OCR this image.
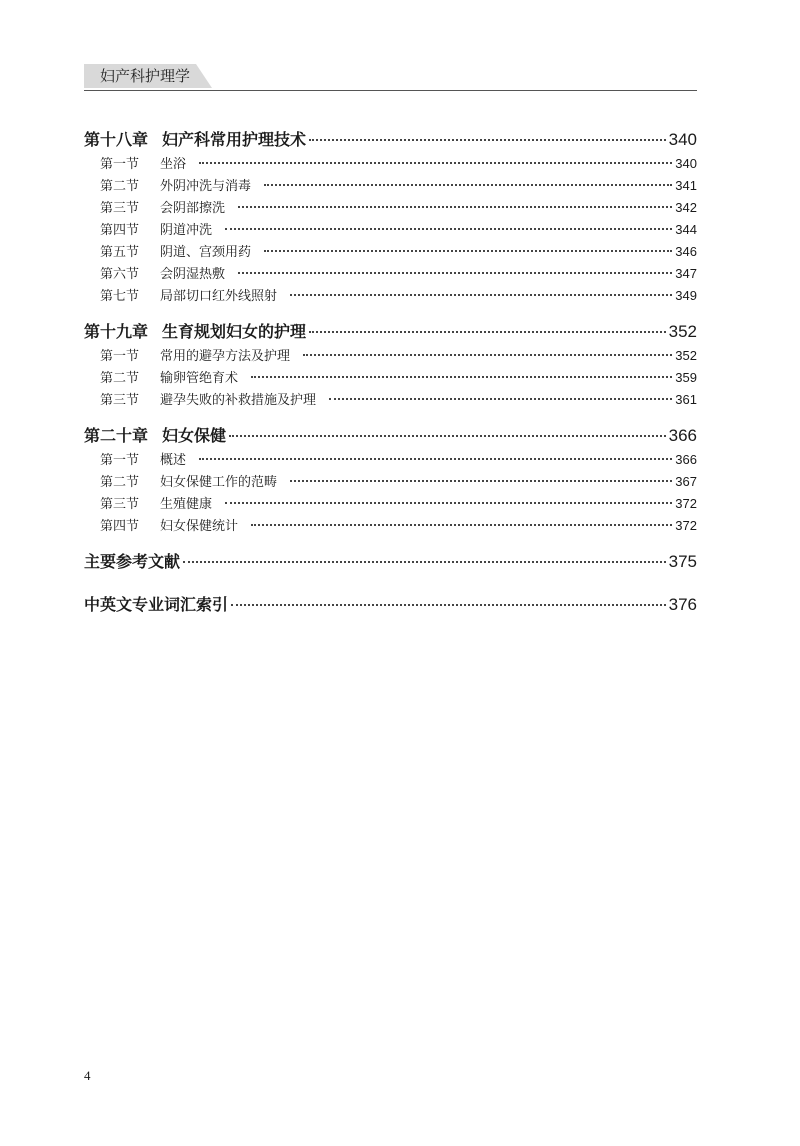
妇产科护理学
第十八章 妇产科常用护理技术	340
第一节	坐浴	340
第二节	外阴冲洗与消毒	341
第三节	会阴部擦洗	342
第四节	阴道冲洗	344
第五节	阴道、宫颈用药	346
第六节	会阴湿热敷	347
第七节	局部切口红外线照射	349
第十九章 生育规划妇女的护理	352
第一节	常用的避孕方法及护理	352
第二节	输卵管绝育术	359
第三节	避孕失败的补救措施及护理	361
第二十章 妇女保健	366
第一节	概述	366
第二节	妇女保健工作的范畴	367
第三节	生殖健康	372
第四节	妇女保健统计	372
主要参考文献	375
中英文专业词汇索引	376
4
